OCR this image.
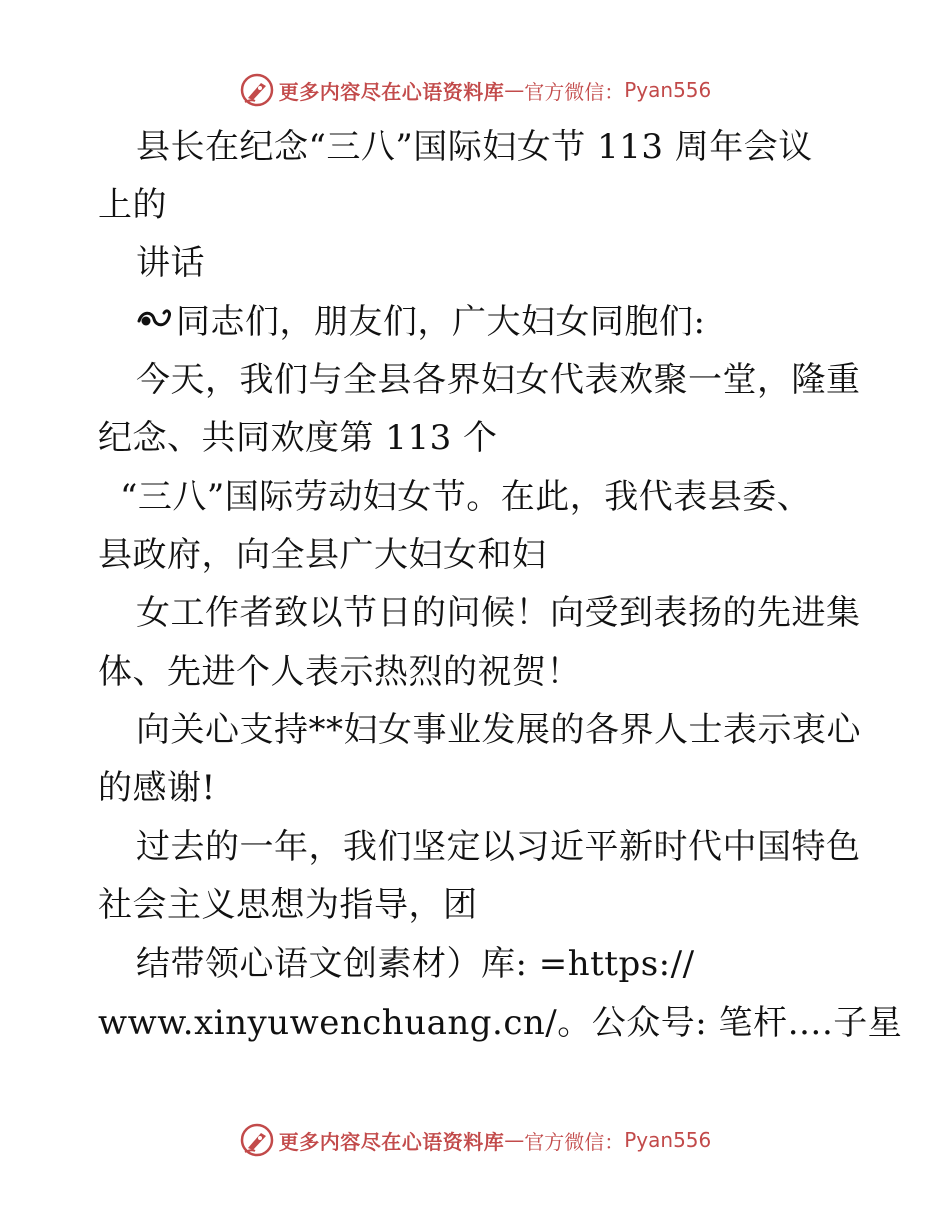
更多内容尽在心语资料库 — 官方微信： Pyan556
县长在纪念“三八”国际妇女节 113 周年会议
上的
讲话
同志们，朋友们，广大妇女同胞们:
今天，我们与全县各界妇女代表欢聚一堂，隆重
纪念、共同欢度第 113 个
“三八”国际劳动妇女节。在此，我代表县委、
县政府，向全县广大妇女和妇
女工作者致以节日的问候！向受到表扬的先进集
体、先进个人表示热烈的祝贺！
向关心支持**妇女事业发展的各界人士表示衷心
的感谢!
过去的一年，我们坚定以习近平新时代中国特色
社会主义思想为指导，团
结带领心语文创素材）库: =https://
www.xinyuwenchuang.cn/。公众号: 笔杆….子星
更多内容尽在心语资料库 — 官方微信： Pyan556
